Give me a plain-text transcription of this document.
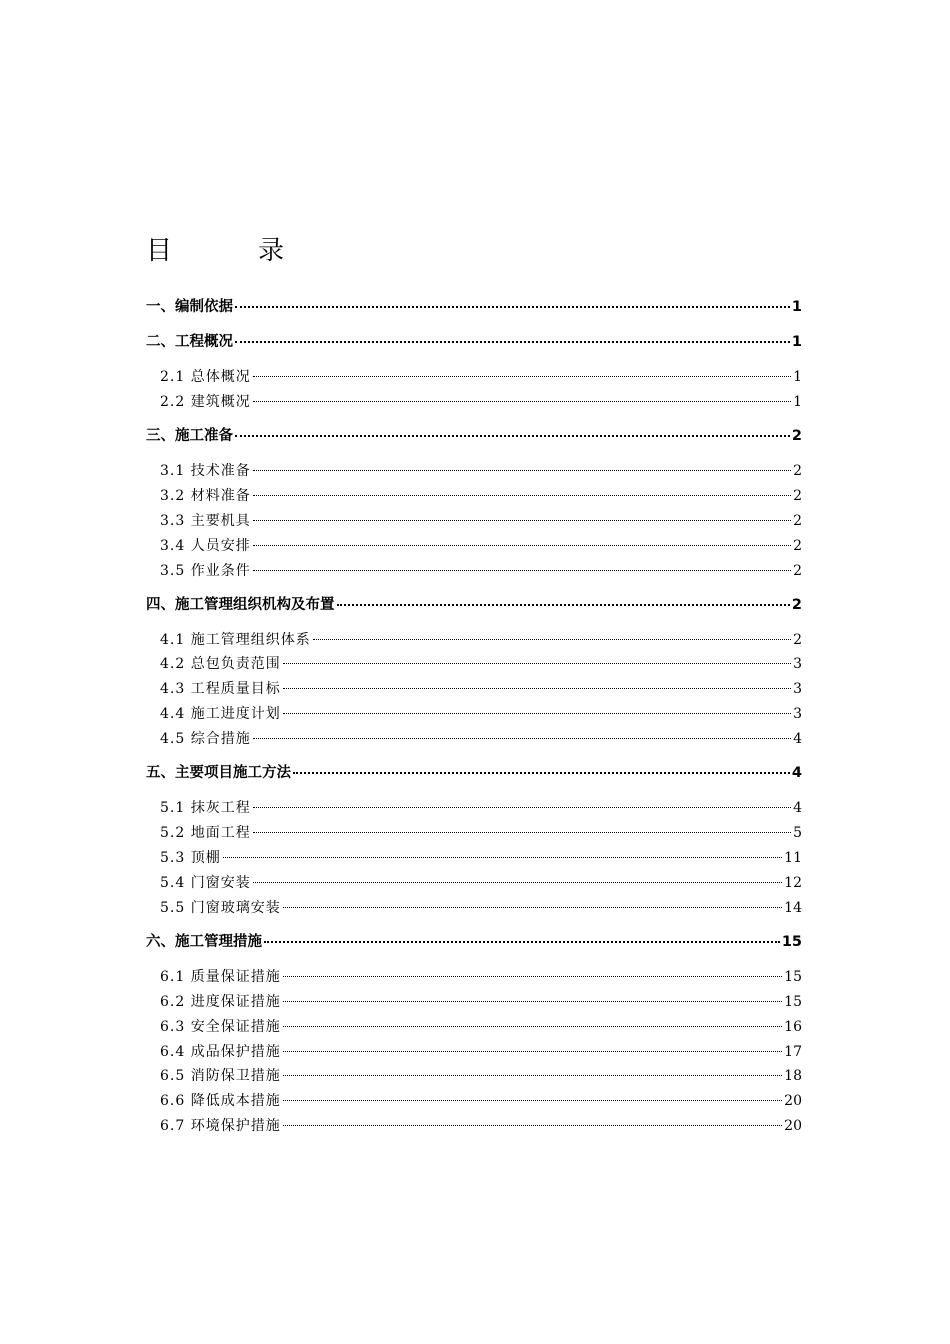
目　录
一、编制依据	1
二、工程概况	1
2.1 总体概况	1
2.2 建筑概况	1
三、施工准备	2
3.1 技术准备	2
3.2 材料准备	2
3.3 主要机具	2
3.4 人员安排	2
3.5 作业条件	2
四、施工管理组织机构及布置	2
4.1 施工管理组织体系	2
4.2 总包负责范围	3
4.3 工程质量目标	3
4.4 施工进度计划	3
4.5 综合措施	4
五、主要项目施工方法	4
5.1 抹灰工程	4
5.2 地面工程	5
5.3 顶棚	11
5.4 门窗安装	12
5.5 门窗玻璃安装	14
六、施工管理措施	15
6.1 质量保证措施	15
6.2 进度保证措施	15
6.3 安全保证措施	16
6.4 成品保护措施	17
6.5 消防保卫措施	18
6.6 降低成本措施	20
6.7 环境保护措施	20
